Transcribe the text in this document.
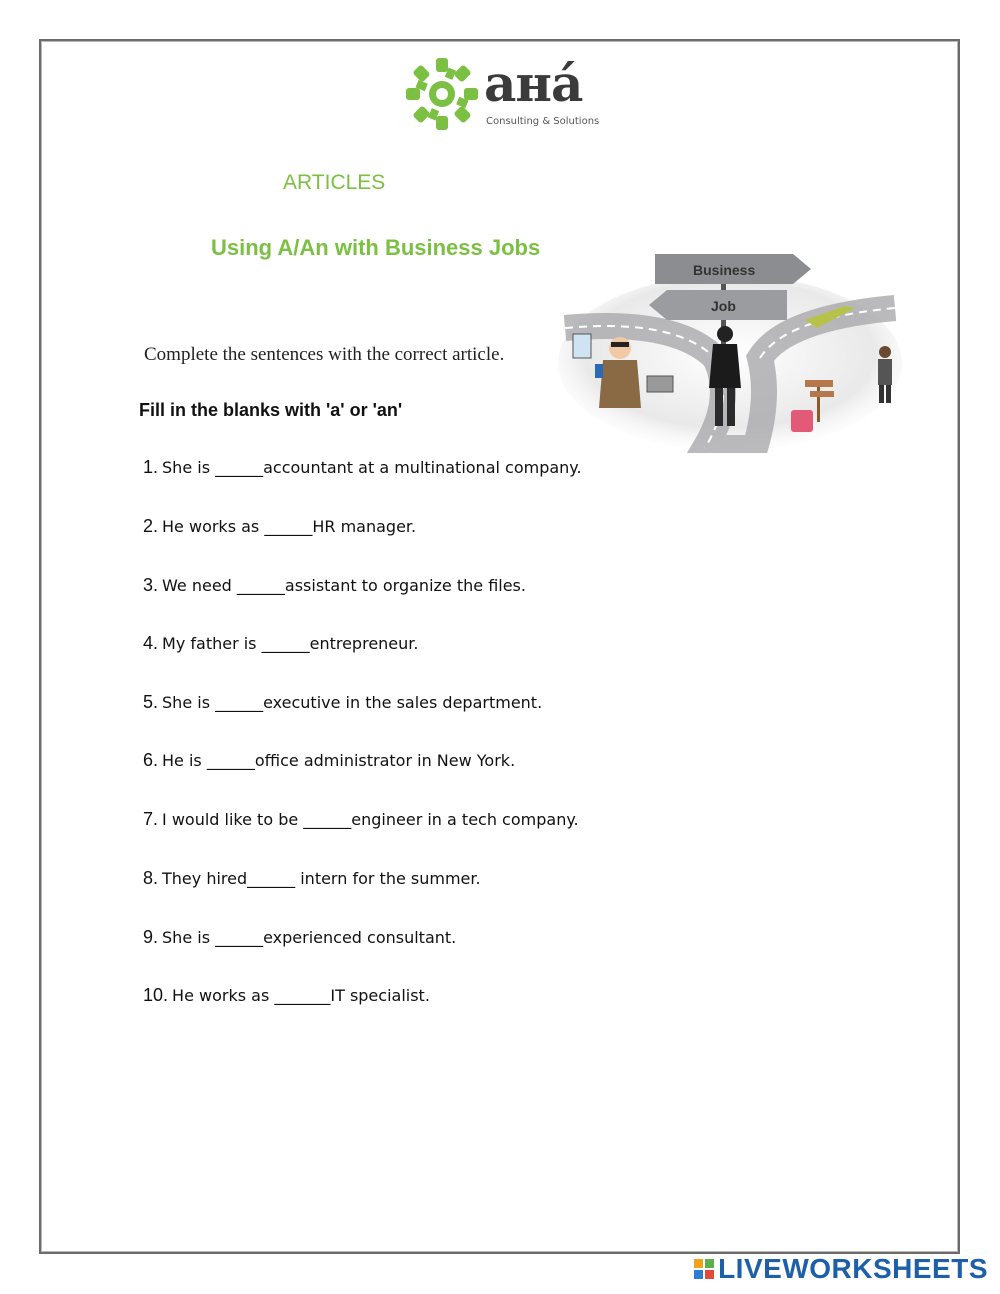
aнá
Consulting & Solutions
ARTICLES
Using A/An with Business Jobs
Business
Job
Complete the sentences with the correct article.
Fill in the blanks with 'a' or 'an'
1. She is ______accountant at a multinational company.
2. He works as ______HR manager.
3. We need ______assistant to organize the files.
4. My father is ______entrepreneur.
5. She is ______executive in the sales department.
6. He is ______office administrator in New York.
7. I would like to be ______engineer in a tech company.
8. They hired______ intern for the summer.
9. She is ______experienced consultant.
10. He works as _______IT specialist.
LIVEWORKSHEETS
